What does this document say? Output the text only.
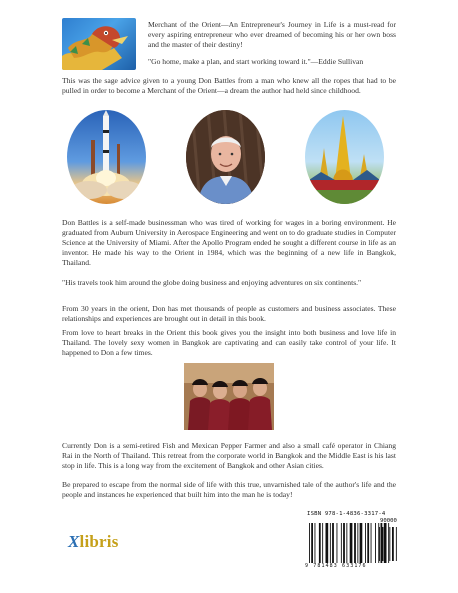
Merchant of the Orient—An Entrepreneur's Journey in Life is a must-read for every aspiring entrepreneur who ever dreamed of becoming his or her own boss and the master of their destiny!

"Go home, make a plan, and start working toward it."—Eddie Sullivan

This was the sage advice given to a young Don Battles from a man who knew all the ropes that had to be pulled in order to become a Merchant of the Orient—a dream the author had held since childhood.

Don Battles is a self-made businessman who was tired of working for wages in a boring environment. He graduated from Auburn University in Aerospace Engineering and went on to do graduate studies in Computer Science at the University of Miami. After the Apollo Program ended he sought a different course in life as an inventor. He made his way to the Orient in 1984, which was the beginning of a new life in Bangkok, Thailand.

"His travels took him around the globe doing business and enjoying adventures on six continents."

From 30 years in the orient, Don has met thousands of people as customers and business associates. These relationships and experiences are brought out in detail in this book.

From love to heart breaks in the Orient this book gives you the insight into both business and love life in Thailand. The lovely sexy women in Bangkok are captivating and can easily take control of your life. It happened to Don a few times.

Currently Don is a semi-retired Fish and Mexican Pepper Farmer and also a small café operator in Chiang Rai in the North of Thailand. This retreat from the corporate world in Bangkok and the Middle East is his last stop in life. This is a long way from the excitement of Bangkok and other Asian cities.

Be prepared to escape from the normal side of life with this true, unvarnished tale of the author's life and the people and instances he experienced that built him into the man he is today!

Xlibris
ISBN 978-1-4836-3317-4
90000
9 781483 633176
